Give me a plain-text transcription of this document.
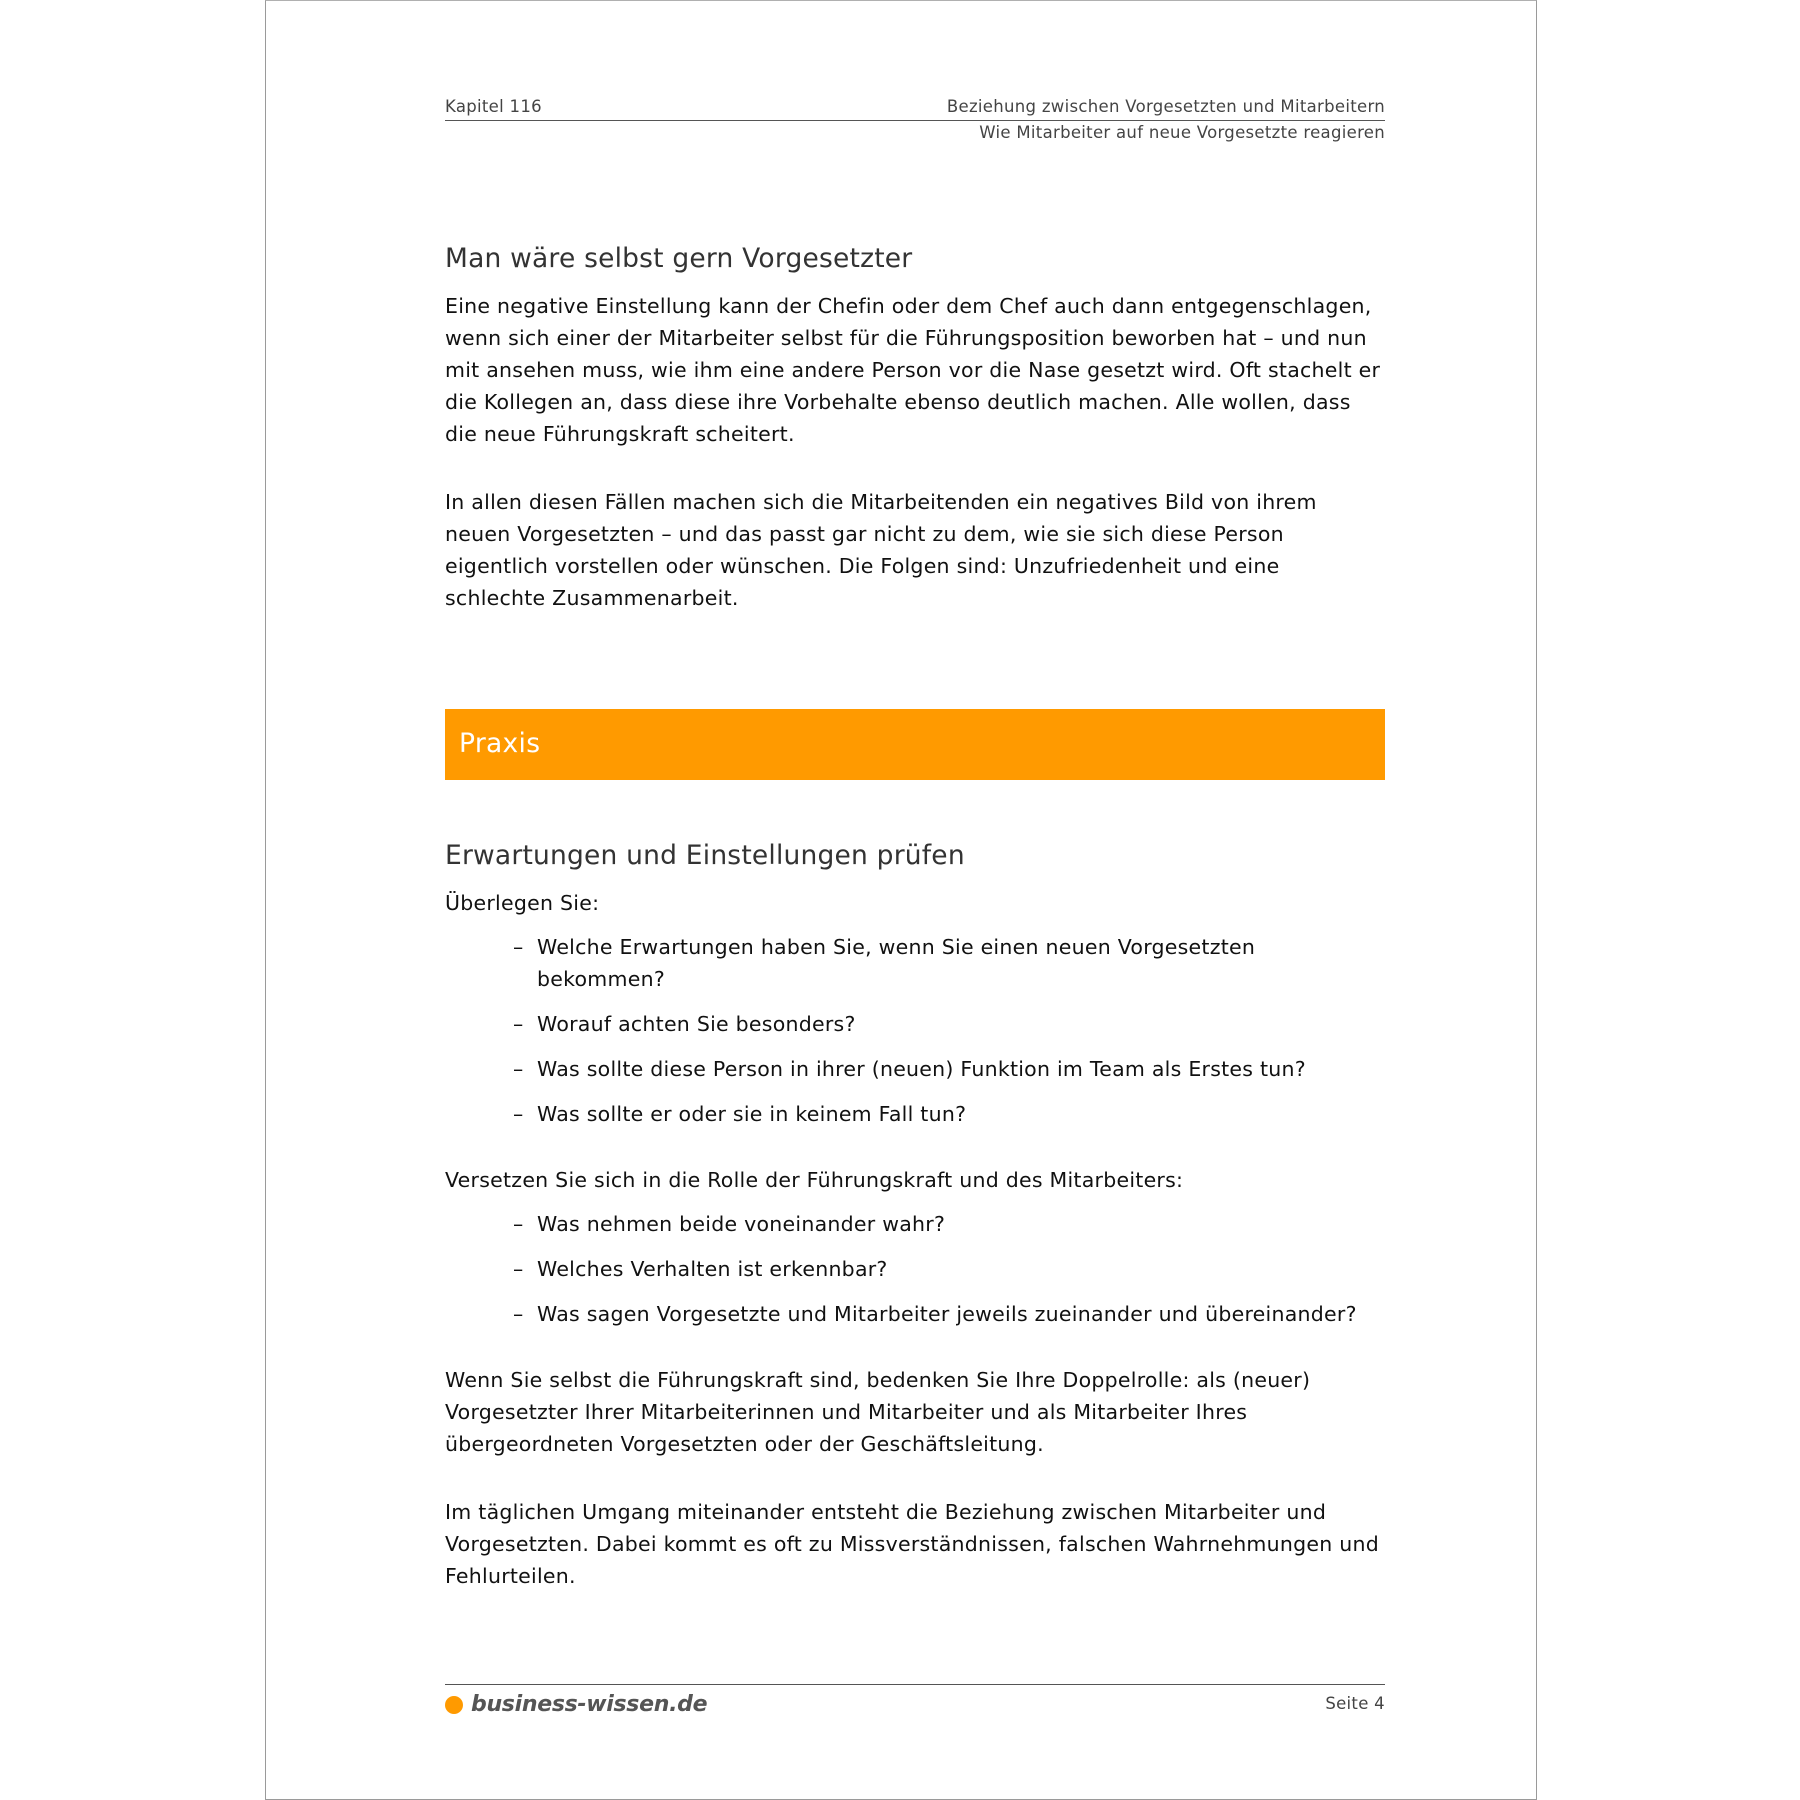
Kapitel 116	Beziehung zwischen Vorgesetzten und Mitarbeitern
Wie Mitarbeiter auf neue Vorgesetzte reagieren
Man wäre selbst gern Vorgesetzter

Eine negative Einstellung kann der Chefin oder dem Chef auch dann entgegenschlagen, wenn sich einer der Mitarbeiter selbst für die Führungsposition beworben hat – und nun mit ansehen muss, wie ihm eine andere Person vor die Nase gesetzt wird. Oft stachelt er die Kollegen an, dass diese ihre Vorbehalte ebenso deutlich machen. Alle wollen, dass die neue Führungskraft scheitert.

In allen diesen Fällen machen sich die Mitarbeitenden ein negatives Bild von ihrem neuen Vorgesetzten – und das passt gar nicht zu dem, wie sie sich diese Person eigentlich vorstellen oder wünschen. Die Folgen sind: Unzufriedenheit und eine schlechte Zusammenarbeit.

Praxis
Erwartungen und Einstellungen prüfen

Überlegen Sie:

– Welche Erwartungen haben Sie, wenn Sie einen neuen Vorgesetzten bekommen?
– Worauf achten Sie besonders?
– Was sollte diese Person in ihrer (neuen) Funktion im Team als Erstes tun?
– Was sollte er oder sie in keinem Fall tun?

Versetzen Sie sich in die Rolle der Führungskraft und des Mitarbeiters:

– Was nehmen beide voneinander wahr?
– Welches Verhalten ist erkennbar?
– Was sagen Vorgesetzte und Mitarbeiter jeweils zueinander und übereinander?

Wenn Sie selbst die Führungskraft sind, bedenken Sie Ihre Doppelrolle: als (neuer) Vorgesetzter Ihrer Mitarbeiterinnen und Mitarbeiter und als Mitarbeiter Ihres übergeordneten Vorgesetzten oder der Geschäftsleitung.

Im täglichen Umgang miteinander entsteht die Beziehung zwischen Mitarbeiter und Vorgesetzten. Dabei kommt es oft zu Missverständnissen, falschen Wahrnehmungen und Fehlurteilen.

business-wissen.de	Seite 4
